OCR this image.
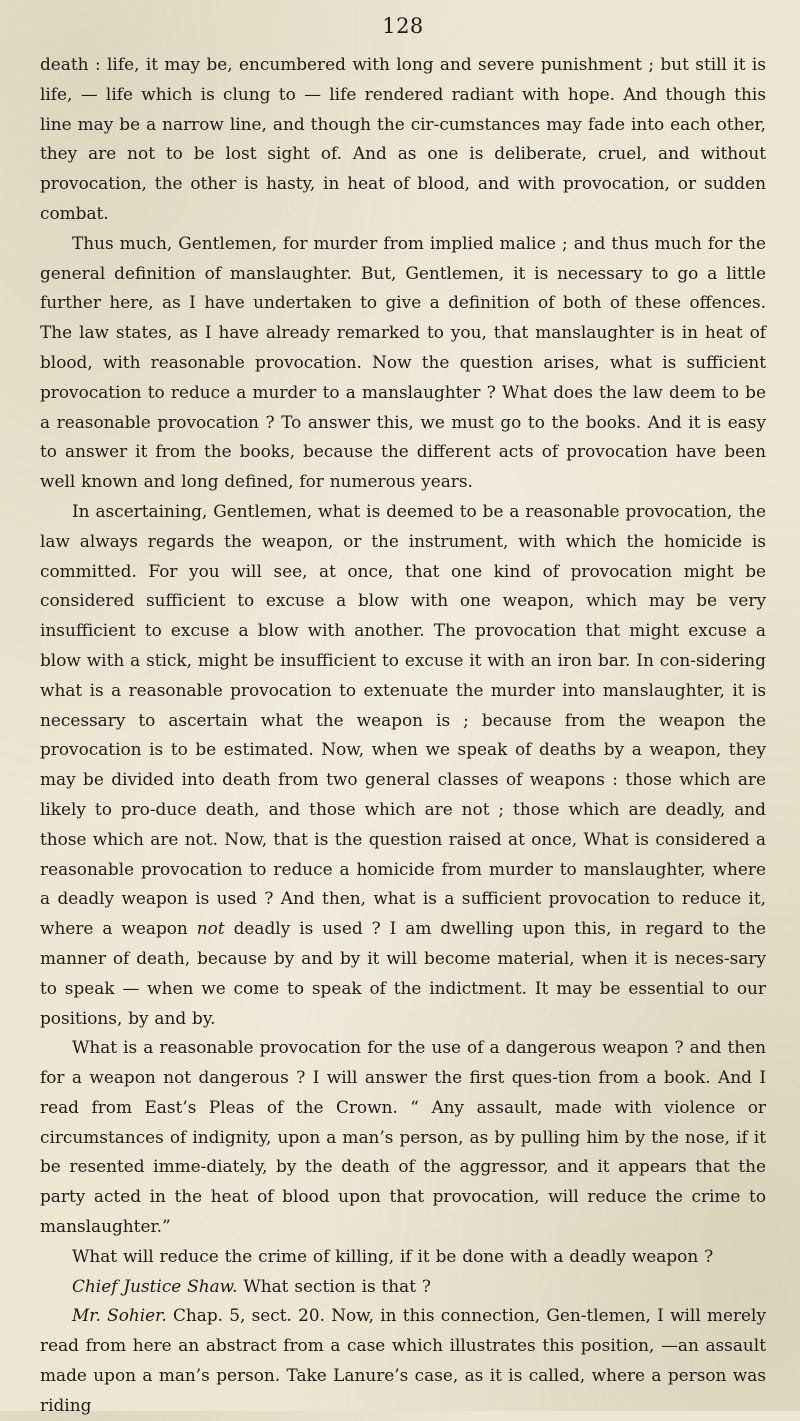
128

death : life, it may be, encumbered with long and severe punishment ; but still it is life, — life which is clung to — life rendered radiant with hope. And though this line may be a narrow line, and though the cir-cumstances may fade into each other, they are not to be lost sight of. And as one is deliberate, cruel, and without provocation, the other is hasty, in heat of blood, and with provocation, or sudden combat.

Thus much, Gentlemen, for murder from implied malice ; and thus much for the general definition of manslaughter. But, Gentlemen, it is necessary to go a little further here, as I have undertaken to give a definition of both of these offences. The law states, as I have already remarked to you, that manslaughter is in heat of blood, with reasonable provocation. Now the question arises, what is sufficient provocation to reduce a murder to a manslaughter ? What does the law deem to be a reasonable provocation ? To answer this, we must go to the books. And it is easy to answer it from the books, because the different acts of provocation have been well known and long defined, for numerous years.

In ascertaining, Gentlemen, what is deemed to be a reasonable provocation, the law always regards the weapon, or the instrument, with which the homicide is committed. For you will see, at once, that one kind of provocation might be considered sufficient to excuse a blow with one weapon, which may be very insufficient to excuse a blow with another. The provocation that might excuse a blow with a stick, might be insufficient to excuse it with an iron bar. In con-sidering what is a reasonable provocation to extenuate the murder into manslaughter, it is necessary to ascertain what the weapon is ; because from the weapon the provocation is to be estimated. Now, when we speak of deaths by a weapon, they may be divided into death from two general classes of weapons : those which are likely to pro-duce death, and those which are not ; those which are deadly, and those which are not. Now, that is the question raised at once, What is considered a reasonable provocation to reduce a homicide from murder to manslaughter, where a deadly weapon is used ? And then, what is a sufficient provocation to reduce it, where a weapon not deadly is used ? I am dwelling upon this, in regard to the manner of death, because by and by it will become material, when it is neces-sary to speak — when we come to speak of the indictment. It may be essential to our positions, by and by.

What is a reasonable provocation for the use of a dangerous weapon ? and then for a weapon not dangerous ? I will answer the first ques-tion from a book. And I read from East’s Pleas of the Crown. “ Any assault, made with violence or circumstances of indignity, upon a man’s person, as by pulling him by the nose, if it be resented imme-diately, by the death of the aggressor, and it appears that the party acted in the heat of blood upon that provocation, will reduce the crime to manslaughter.”

What will reduce the crime of killing, if it be done with a deadly weapon ?

Chief Justice Shaw. What section is that ?

Mr. Sohier. Chap. 5, sect. 20. Now, in this connection, Gen-tlemen, I will merely read from here an abstract from a case which illustrates this position, —an assault made upon a man’s person. Take Lanure’s case, as it is called, where a person was riding
